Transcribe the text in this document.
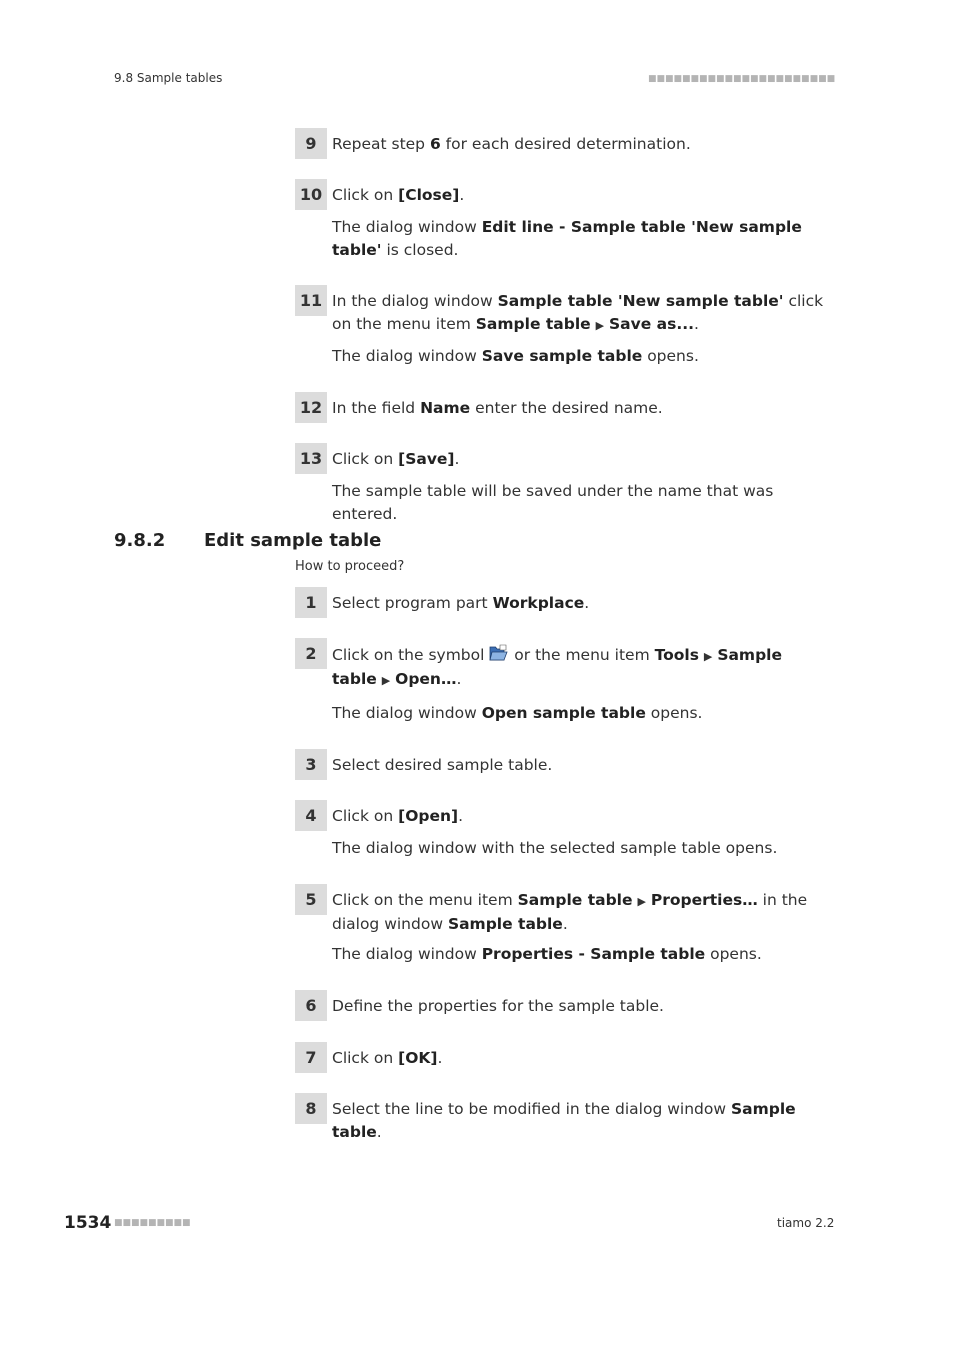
9.8 Sample tables	■■■■■■■■■■■■■■■■■■■■■■
9 Repeat step 6 for each desired determination.
10 Click on [Close].
The dialog window Edit line - Sample table 'New sample table' is closed.
11 In the dialog window Sample table 'New sample table' click on the menu item Sample table ▶ Save as....
The dialog window Save sample table opens.
12 In the field Name enter the desired name.
13 Click on [Save].
The sample table will be saved under the name that was entered.
9.8.2 Edit sample table
How to proceed?
1 Select program part Workplace.
2 Click on the symbol  or the menu item Tools ▶ Sample table ▶ Open….
The dialog window Open sample table opens.
3 Select desired sample table.
4 Click on [Open].
The dialog window with the selected sample table opens.
5 Click on the menu item Sample table ▶ Properties… in the dialog window Sample table.
The dialog window Properties - Sample table opens.
6 Define the properties for the sample table.
7 Click on [OK].
8 Select the line to be modified in the dialog window Sample table.
1534 ■■■■■■■■■	tiamo 2.2
